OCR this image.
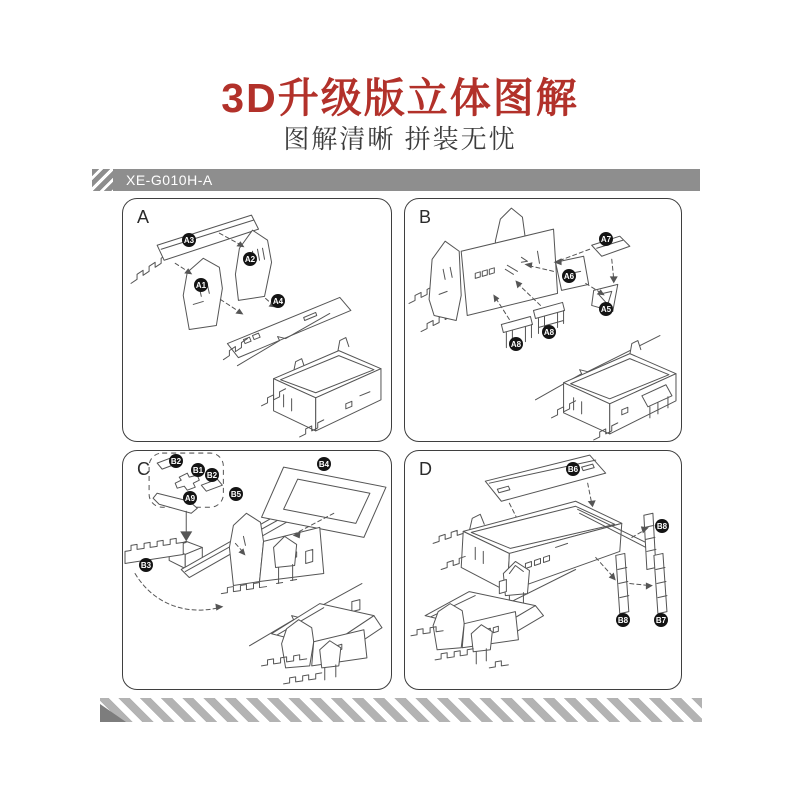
3D升级版立体图解
图解清晰 拼装无忧
XE-G010H-A
A
A3
A2
A1
A4
B
A7
A6
A5
A8
A8
C	B2
B1
B2
A9	B5
B4
B3
D	B6
B8
B8	B7
